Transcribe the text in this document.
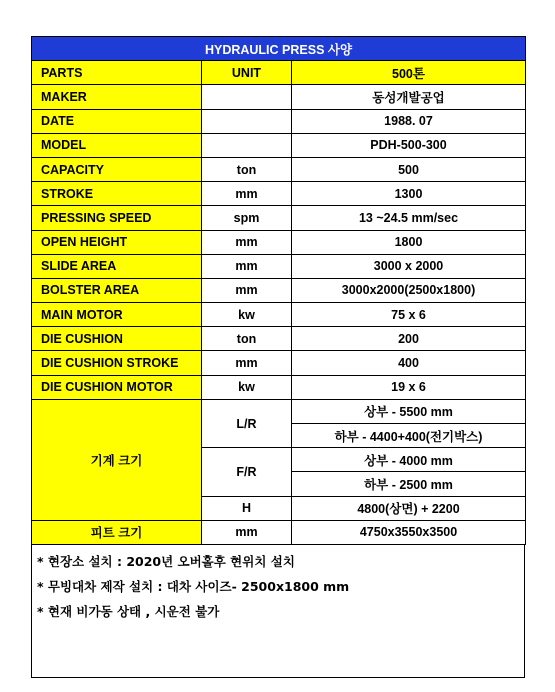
HYDRAULIC PRESS 사양		
PARTS	UNIT	500톤
MAKER		동성개발공업
DATE		1988. 07
MODEL		PDH-500-300
CAPACITY	ton	500
STROKE	mm	1300
PRESSING SPEED	spm	13 ~24.5 mm/sec
OPEN HEIGHT	mm	1800
SLIDE AREA	mm	3000 x 2000
BOLSTER AREA	mm	3000x2000(2500x1800)
MAIN MOTOR	kw	75 x 6
DIE CUSHION	ton	200
DIE CUSHION STROKE	mm	400
DIE CUSHION MOTOR	kw	19 x 6
기계 크기	L/R	상부 - 5500 mm
		하부 - 4400+400(전기박스)
	F/R	상부 - 4000 mm
		하부 - 2500 mm
	H	4800(상면) + 2200
피트 크기	mm	4750x3550x3500
* 현장소 설치 : 2020년 오버홀후 현위치 설치
* 무빙대차 제작 설치 : 대차 사이즈- 2500x1800 mm
* 현재 비가동 상태 , 시운전 불가
